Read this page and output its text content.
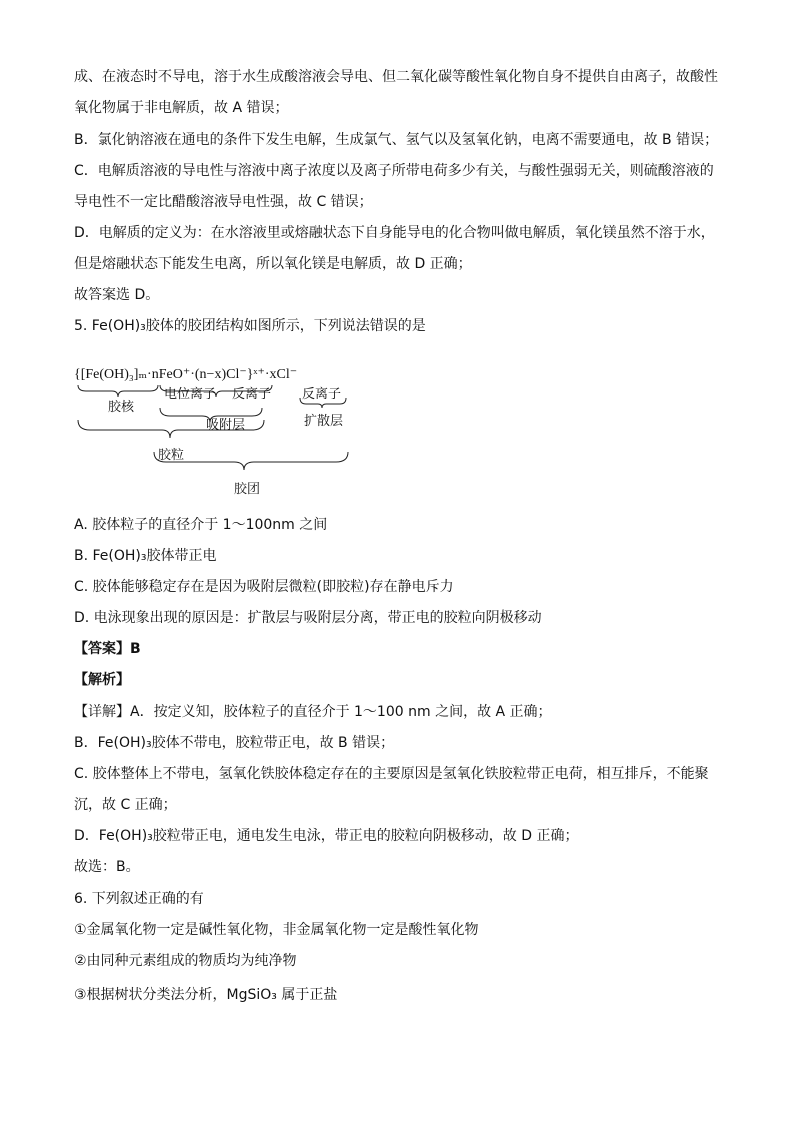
成、在液态时不导电，溶于水生成酸溶液会导电、但二氧化碳等酸性氧化物自身不提供自由离子，故酸性
氧化物属于非电解质，故 A 错误；
B．氯化钠溶液在通电的条件下发生电解，生成氯气、氢气以及氢氧化钠，电离不需要通电，故 B 错误；
C．电解质溶液的导电性与溶液中离子浓度以及离子所带电荷多少有关，与酸性强弱无关，则硫酸溶液的
导电性不一定比醋酸溶液导电性强，故 C 错误；
D．电解质的定义为：在水溶液里或熔融状态下自身能导电的化合物叫做电解质，氧化镁虽然不溶于水，
但是熔融状态下能发生电离，所以氧化镁是电解质，故 D 正确；
故答案选 D。
5. Fe(OH)₃胶体的胶团结构如图所示，下列说法错误的是
{[Fe(OH)₃]ₘ·nFeO⁺·(n−x)Cl⁻}ˣ⁺·xCl⁻
胶核
电位离子 反离子 反离子
扩散层
吸附层
胶粒
胶团
A. 胶体粒子的直径介于 1～100nm 之间
B. Fe(OH)₃胶体带正电
C. 胶体能够稳定存在是因为吸附层微粒(即胶粒)存在静电斥力
D. 电泳现象出现的原因是：扩散层与吸附层分离，带正电的胶粒向阴极移动
【答案】B
【解析】
【详解】A．按定义知，胶体粒子的直径介于 1～100 nm 之间，故 A 正确；
B．Fe(OH)₃胶体不带电，胶粒带正电，故 B 错误；
C. 胶体整体上不带电，氢氧化铁胶体稳定存在的主要原因是氢氧化铁胶粒带正电荷，相互排斥，不能聚
沉，故 C 正确；
D．Fe(OH)₃胶粒带正电，通电发生电泳，带正电的胶粒向阴极移动，故 D 正确；
故选：B。
6. 下列叙述正确的有
①金属氧化物一定是碱性氧化物，非金属氧化物一定是酸性氧化物
②由同种元素组成的物质均为纯净物
③根据树状分类法分析，MgSiO₃ 属于正盐
